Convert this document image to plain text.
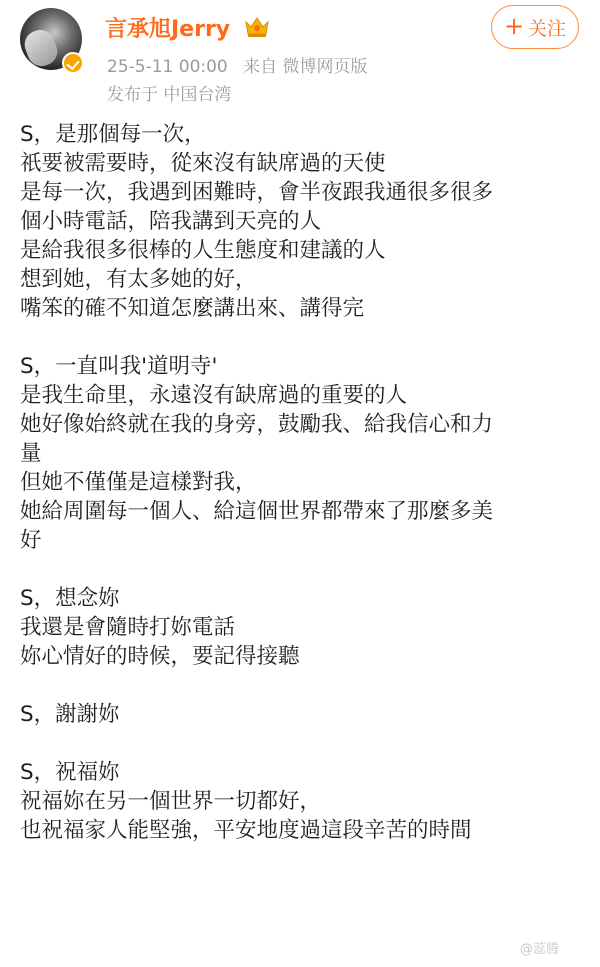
言承旭Jerry
25-5-11 00:00 来自 微博网页版
发布于 中国台湾
+ 关注

S，是那個每一次，

祇要被需要時，從來沒有缺席過的天使

是每一次，我遇到困難時，會半夜跟我通很多很多

個小時電話，陪我講到天亮的人

是給我很多很棒的人生態度和建議的人

想到她，有太多她的好，

嘴笨的確不知道怎麼講出來、講得完

S，一直叫我'道明寺'

是我生命里，永遠沒有缺席過的重要的人

她好像始終就在我的身旁，鼓勵我、給我信心和力

量

但她不僅僅是這樣對我，

她給周圍每一個人、給這個世界都帶來了那麼多美

好

S，想念妳

我還是會隨時打妳電話

妳心情好的時候，要記得接聽

S，謝謝妳

S，祝福妳

祝福妳在另一個世界一切都好，

也祝福家人能堅強，平安地度過這段辛苦的時間

@蕊腾
